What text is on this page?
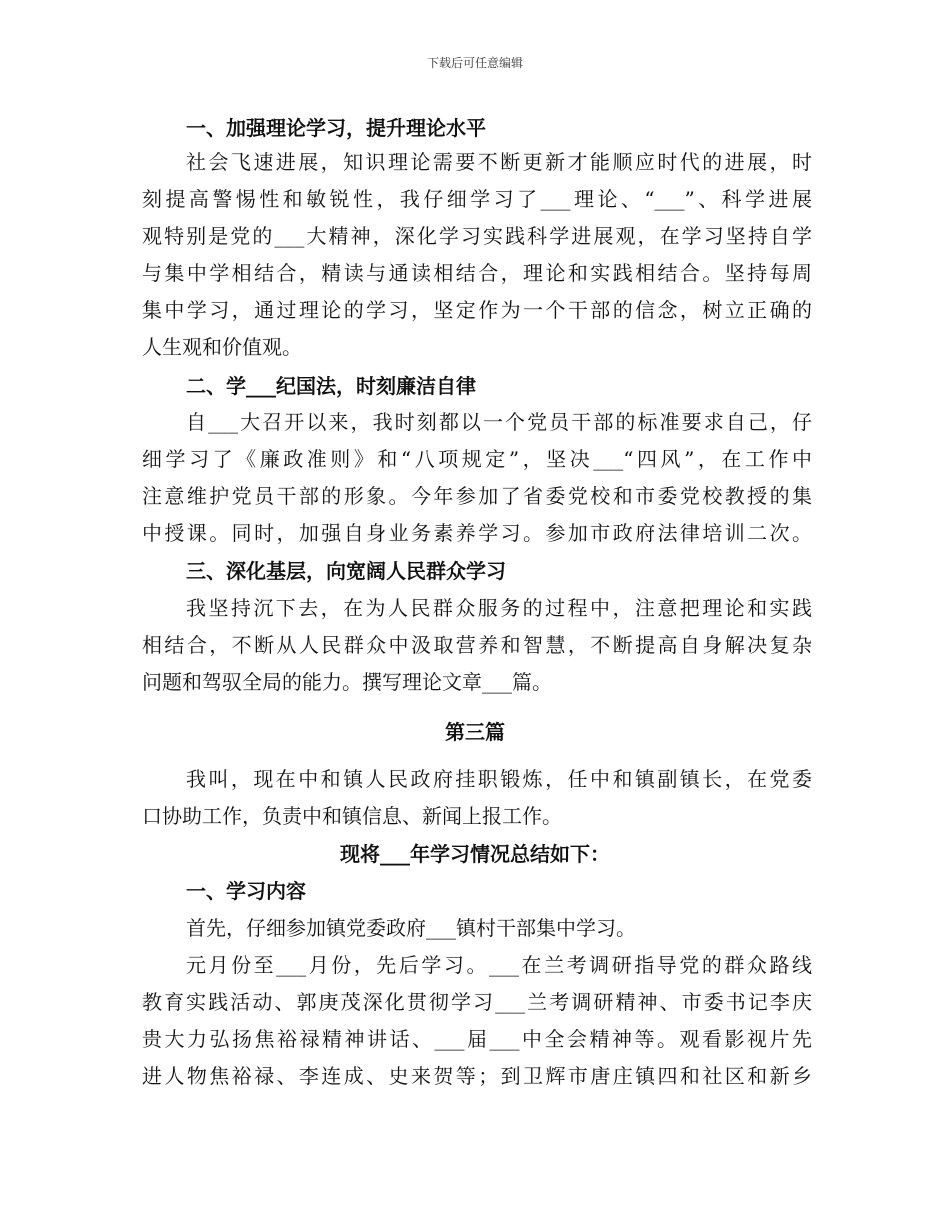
下载后可任意编辑
一、加强理论学习，提升理论水平
社会飞速进展，知识理论需要不断更新才能顺应时代的进展，时
刻提高警惕性和敏锐性，我仔细学习了___理论、“___”、科学进展
观特别是党的___大精神，深化学习实践科学进展观，在学习坚持自学
与集中学相结合，精读与通读相结合，理论和实践相结合。坚持每周
集中学习，通过理论的学习，坚定作为一个干部的信念，树立正确的
人生观和价值观。
二、学___纪国法，时刻廉洁自律
自___大召开以来，我时刻都以一个党员干部的标准要求自己，仔
细学习了《廉政准则》和“八项规定”，坚决___“四风”，在工作中
注意维护党员干部的形象。今年参加了省委党校和市委党校教授的集
中授课。同时，加强自身业务素养学习。参加市政府法律培训二次。
三、深化基层，向宽阔人民群众学习
我坚持沉下去，在为人民群众服务的过程中，注意把理论和实践
相结合，不断从人民群众中汲取营养和智慧，不断提高自身解决复杂
问题和驾驭全局的能力。撰写理论文章___篇。
第三篇
我叫，现在中和镇人民政府挂职锻炼，任中和镇副镇长，在党委
口协助工作，负责中和镇信息、新闻上报工作。
现将___年学习情况总结如下：
一、学习内容
首先，仔细参加镇党委政府___镇村干部集中学习。
元月份至___月份，先后学习。___在兰考调研指导党的群众路线
教育实践活动、郭庚茂深化贯彻学习___兰考调研精神、市委书记李庆
贵大力弘扬焦裕禄精神讲话、___届___中全会精神等。观看影视片先
进人物焦裕禄、李连成、史来贺等；到卫辉市唐庄镇四和社区和新乡
